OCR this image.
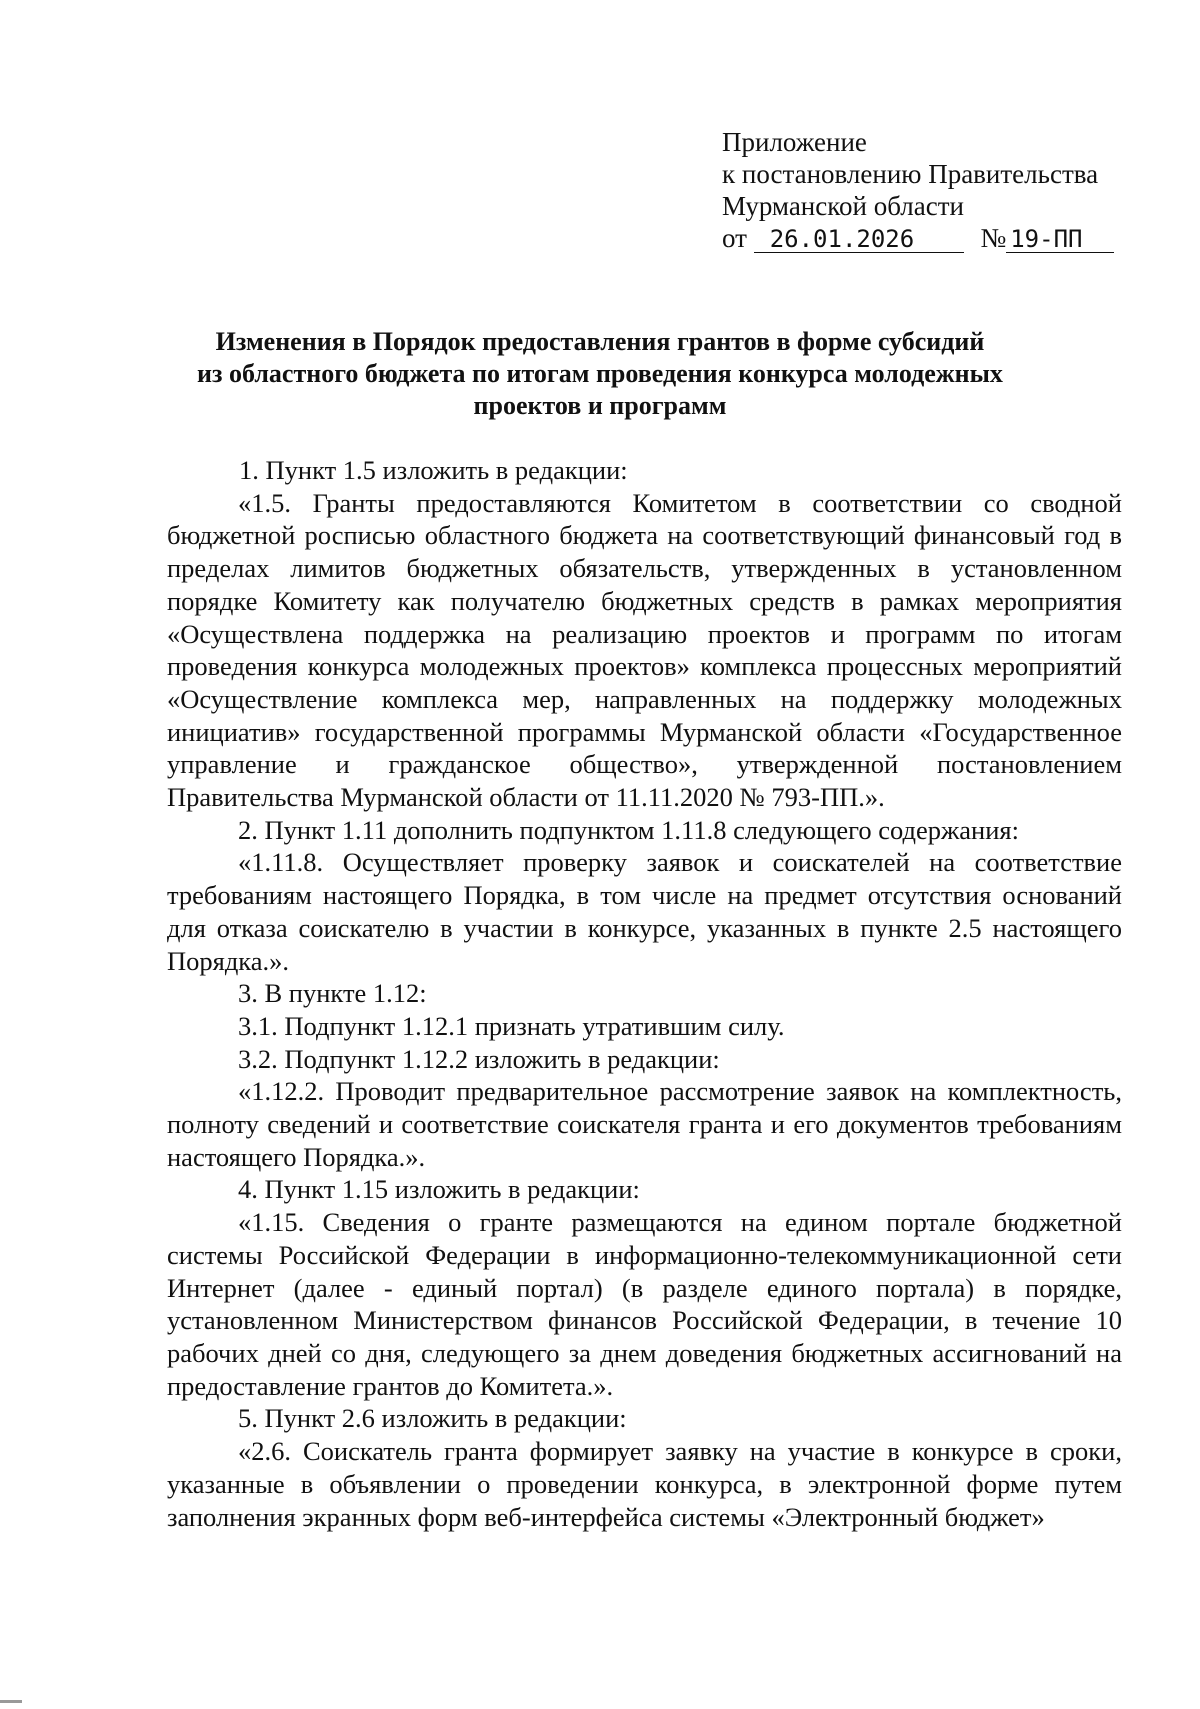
Приложение
к постановлению Правительства
Мурманской области
от 26.01.2026 № 19-ПП
Изменения в Порядок предоставления грантов в форме субсидий
из областного бюджета по итогам проведения конкурса молодежных
проектов и программ

1. Пункт 1.5 изложить в редакции:

«1.5. Гранты предоставляются Комитетом в соответствии со сводной бюджетной росписью областного бюджета на соответствующий финансовый год в пределах лимитов бюджетных обязательств, утвержденных в установленном порядке Комитету как получателю бюджетных средств в рамках мероприятия «Осуществлена поддержка на реализацию проектов и программ по итогам проведения конкурса молодежных проектов» комплекса процессных мероприятий «Осуществление комплекса мер, направленных на поддержку молодежных инициатив» государственной программы Мурманской области «Государственное управление и гражданское общество», утвержденной постановлением Правительства Мурманской области от 11.11.2020 № 793-ПП.».

2. Пункт 1.11 дополнить подпунктом 1.11.8 следующего содержания:

«1.11.8. Осуществляет проверку заявок и соискателей на соответствие требованиям настоящего Порядка, в том числе на предмет отсутствия оснований для отказа соискателю в участии в конкурсе, указанных в пункте 2.5 настоящего Порядка.».

3. В пункте 1.12:

3.1. Подпункт 1.12.1 признать утратившим силу.

3.2. Подпункт 1.12.2 изложить в редакции:

«1.12.2. Проводит предварительное рассмотрение заявок на комплектность, полноту сведений и соответствие соискателя гранта и его документов требованиям настоящего Порядка.».

4. Пункт 1.15 изложить в редакции:

«1.15. Сведения о гранте размещаются на едином портале бюджетной системы Российской Федерации в информационно-телекоммуникационной сети Интернет (далее - единый портал) (в разделе единого портала) в порядке, установленном Министерством финансов Российской Федерации, в течение 10 рабочих дней со дня, следующего за днем доведения бюджетных ассигнований на предоставление грантов до Комитета.».

5. Пункт 2.6 изложить в редакции:

«2.6. Соискатель гранта формирует заявку на участие в конкурсе в сроки, указанные в объявлении о проведении конкурса, в электронной форме путем заполнения экранных форм веб-интерфейса системы «Электронный бюджет»
